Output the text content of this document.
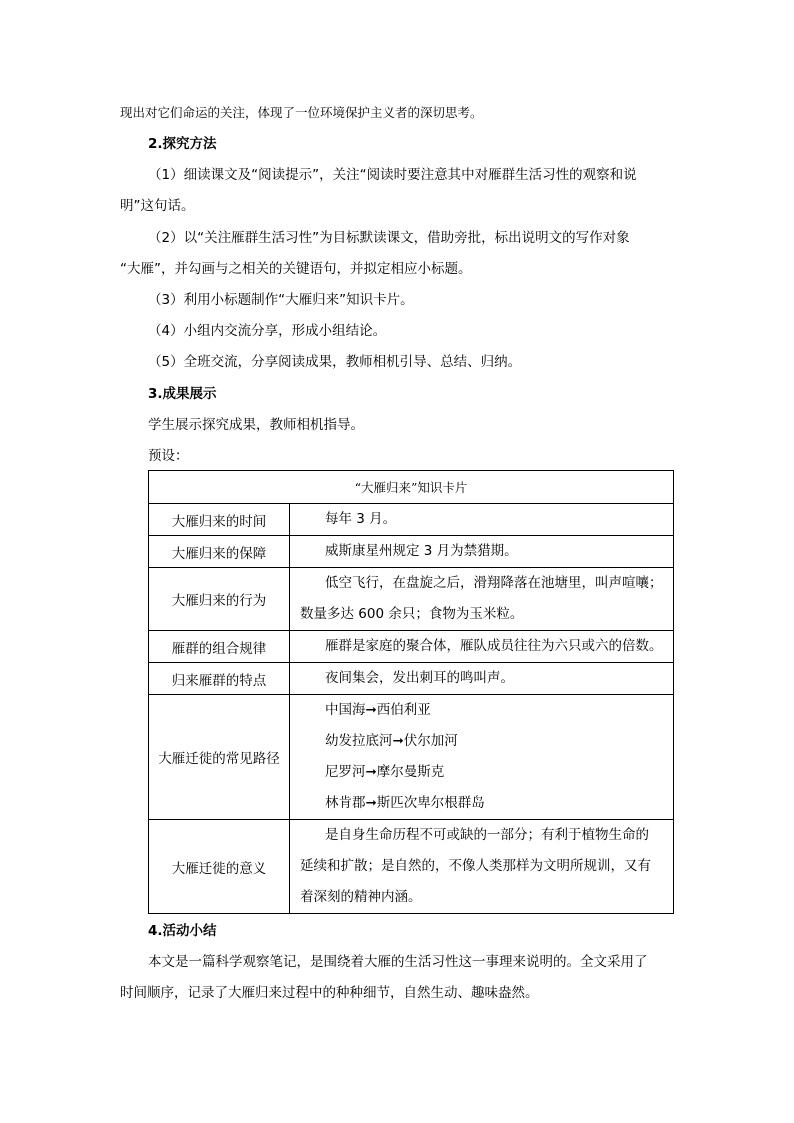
现出对它们命运的关注，体现了一位环境保护主义者的深切思考。
2.探究方法
（1）细读课文及“阅读提示”，关注“阅读时要注意其中对雁群生活习性的观察和说
明”这句话。
（2）以“关注雁群生活习性”为目标默读课文，借助旁批，标出说明文的写作对象
“大雁”，并勾画与之相关的关键语句，并拟定相应小标题。
（3）利用小标题制作“大雁归来”知识卡片。
（4）小组内交流分享，形成小组结论。
（5）全班交流，分享阅读成果，教师相机引导、总结、归纳。
3.成果展示
学生展示探究成果，教师相机指导。
预设：
“大雁归来”知识卡片	
大雁归来的时间	每年 3 月。

大雁归来的保障	威斯康星州规定 3 月为禁猎期。

大雁归来的行为	低空飞行，在盘旋之后，滑翔降落在池塘里，叫声喧嚷；
数量多达 600 余只；食物为玉米粒。

雁群的组合规律	雁群是家庭的聚合体，雁队成员往往为六只或六的倍数。

归来雁群的特点	夜间集会，发出刺耳的鸣叫声。

大雁迁徙的常见路径	中国海➞西伯利亚
幼发拉底河➞伏尔加河
尼罗河➞摩尔曼斯克
林肯郡➞斯匹次卑尔根群岛

大雁迁徙的意义	是自身生命历程不可或缺的一部分；有利于植物生命的
延续和扩散；是自然的，不像人类那样为文明所规训，又有
着深刻的精神内涵。
4.活动小结
本文是一篇科学观察笔记，是围绕着大雁的生活习性这一事理来说明的。全文采用了
时间顺序，记录了大雁归来过程中的种种细节，自然生动、趣味盎然。
